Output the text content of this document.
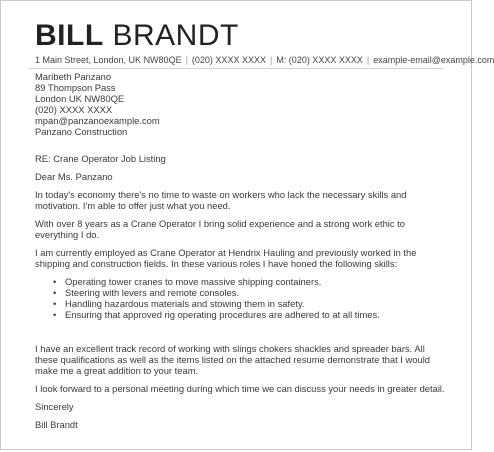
BILL BRANDT
1 Main Street, London, UK NW80QE | (020) XXXX XXXX | M: (020) XXXX XXXX | example-email@example.com
Maribeth Panzano
89 Thompson Pass
London UK NW80QE
(020) XXXX XXXX
mpan@panzanoexample.com
Panzano Construction

RE: Crane Operator Job Listing

Dear Ms. Panzano

In today's economy there's no time to waste on workers who lack the necessary skills and motivation. I'm able to offer just what you need.

With over 8 years as a Crane Operator I bring solid experience and a strong work ethic to everything I do.

I am currently employed as Crane Operator at Hendrix Hauling and previously worked in the shipping and construction fields. In these various roles I have honed the following skills:

• Operating tower cranes to move massive shipping containers.
• Steering with levers and remote consoles.
• Handling hazardous materials and stowing them in safety.
• Ensuring that approved rig operating procedures are adhered to at all times.

I have an excellent track record of working with slings chokers shackles and spreader bars. All these qualifications as well as the items listed on the attached resume demonstrate that I would make me a great addition to your team.

I look forward to a personal meeting during which time we can discuss your needs in greater detail.

Sincerely

Bill Brandt
